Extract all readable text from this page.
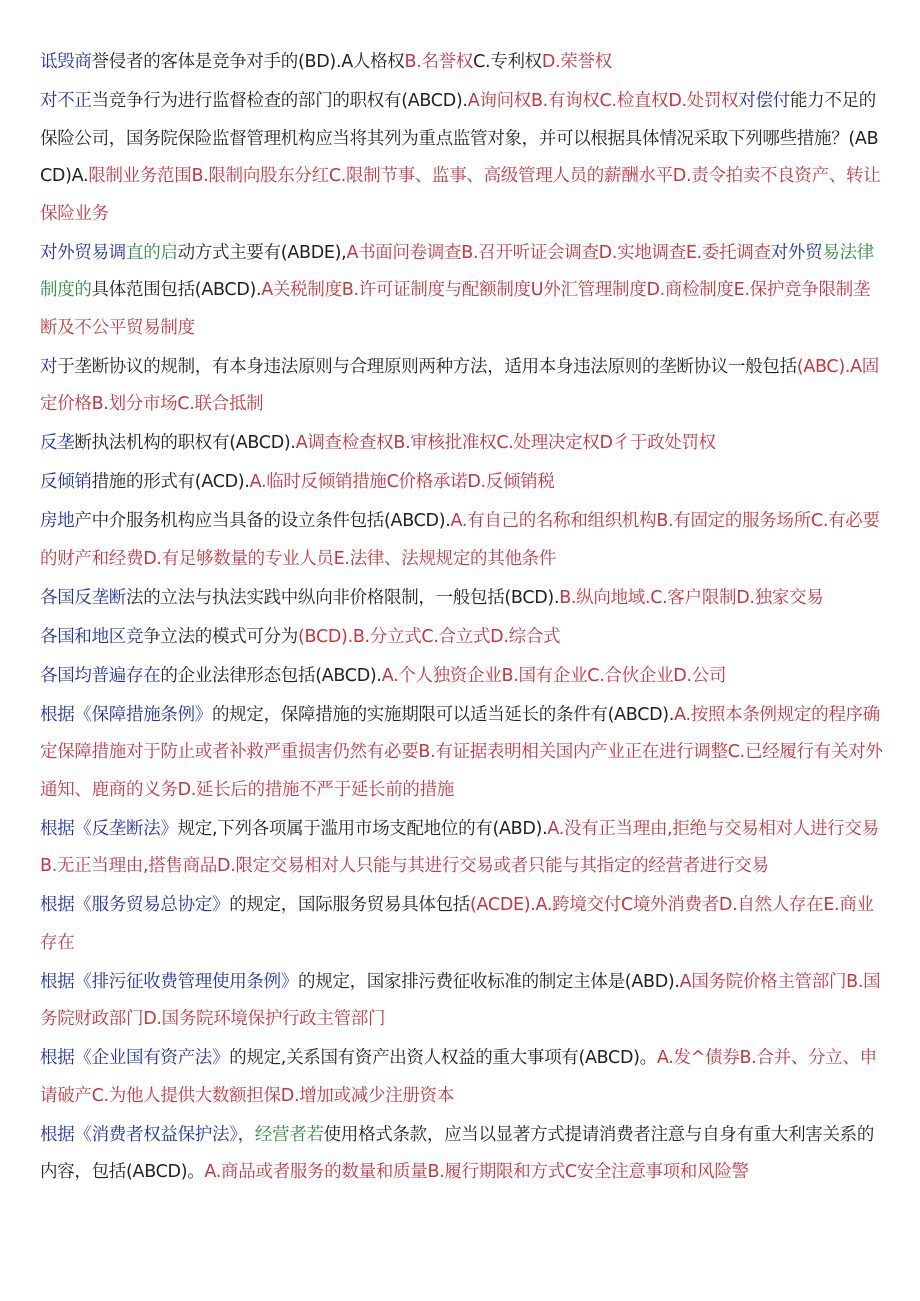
诋毁商誉侵者的客体是竞争对手的(BD).A人格权B.名誉权C.专利权D.荣誉权

对不正当竞争行为进行监督检查的部门的职权有(ABCD).A询问权B.有询权C.检直权D.处罚权对偿付能力不足的保险公司，国务院保险监督管理机构应当将其列为重点监管对象，并可以根据具体情况采取下列哪些措施？(ABCD)A.限制业务范围B.限制向股东分红C.限制节事、监事、高级管理人员的薪酬水平D.责令拍卖不良资产、转让保险业务

对外贸易调直的启动方式主要有(ABDE),A书面问卷调查B.召开听证会调查D.实地调查E.委托调查对外贸易法律制度的具体范围包括(ABCD).A关税制度B.许可证制度与配额制度U外汇管理制度D.商检制度E.保护竞争限制垄断及不公平贸易制度

对于垄断协议的规制，有本身违法原则与合理原则两种方法，适用本身违法原则的垄断协议一般包括(ABC).A固定价格B.划分市场C.联合抵制

反垄断执法机构的职权有(ABCD).A调查检查权B.审核批准权C.处理决定权D彳于政处罚权

反倾销措施的形式有(ACD).A.临时反倾销措施C价格承诺D.反倾销税

房地产中介服务机构应当具备的设立条件包括(ABCD).A.有自己的名称和组织机构B.有固定的服务场所C.有必要的财产和经费D.有足够数量的专业人员E.法律、法规规定的其他条件

各国反垄断法的立法与执法实践中纵向非价格限制，一般包括(BCD).B.纵向地域.C.客户限制D.独家交易

各国和地区竞争立法的模式可分为(BCD).B.分立式C.合立式D.综合式

各国均普遍存在的企业法律形态包括(ABCD).A.个人独资企业B.国有企业C.合伙企业D.公司

根据《保障措施条例》的规定，保障措施的实施期限可以适当延长的条件有(ABCD).A.按照本条例规定的程序确定保障措施对于防止或者补救严重损害仍然有必要B.有证据表明相关国内产业正在进行调整C.已经履行有关对外通知、鹿商的义务D.延长后的措施不严于延长前的措施

根据《反垄断法》规定,下列各项属于滥用市场支配地位的有(ABD).A.没有正当理由,拒绝与交易相对人进行交易B.无正当理由,搭售商品D.限定交易相对人只能与其进行交易或者只能与其指定的经营者进行交易

根据《服务贸易总协定》的规定，国际服务贸易具体包括(ACDE).A.跨境交付C境外消费者D.自然人存在E.商业存在

根据《排污征收费管理使用条例》的规定，国家排污费征收标准的制定主体是(ABD).A国务院价格主管部门B.国务院财政部门D.国务院环境保护行政主管部门

根据《企业国有资产法》的规定,关系国有资产出资人权益的重大事项有(ABCD)。A.发^债券B.合并、分立、申请破产C.为他人提供大数额担保D.增加或减少注册资本

根据《消费者权益保护法》，经营者若使用格式条款，应当以显著方式提请消费者注意与自身有重大利害关系的内容，包括(ABCD)。A.商品或者服务的数量和质量B.履行期限和方式C安全注意事项和风险警
